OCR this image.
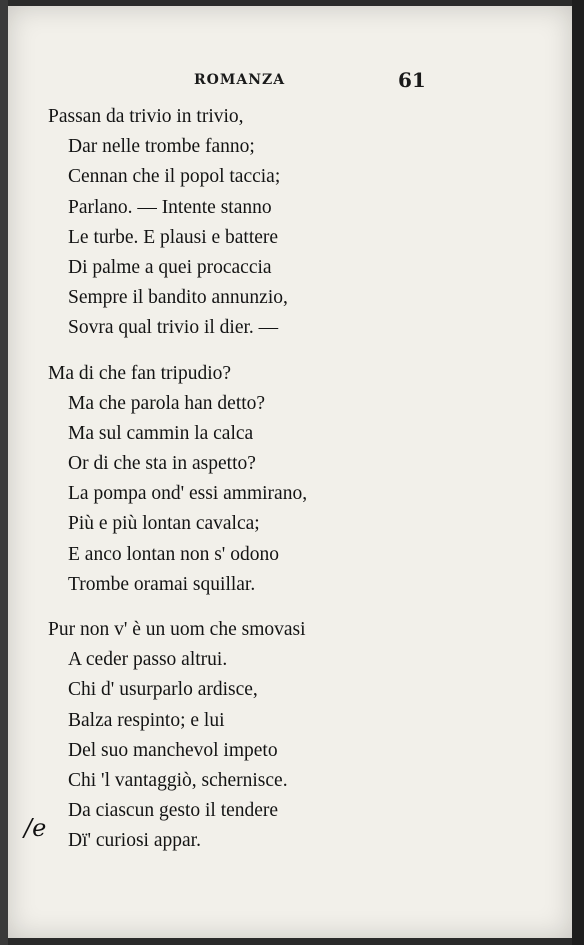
ROMANZA	61
Passan da trivio in trivio,
Dar nelle trombe fanno;
Cennan che il popol taccia;
Parlano. — Intente stanno
Le turbe. E plausi e battere
Di palme a quei procaccia
Sempre il bandito annunzio,
Sovra qual trivio il dier. —
Ma di che fan tripudio?
Ma che parola han detto?
Ma sul cammin la calca
Or di che sta in aspetto?
La pompa ond' essi ammirano,
Più e più lontan cavalca;
E anco lontan non s' odono
Trombe oramai squillar.
Pur non v' è un uom che smovasi
A ceder passo altrui.
Chi d' usurparlo ardisce,
Balza respinto; e lui
Del suo manchevol impeto
Chi 'l vantaggiò, schernisce.
Da ciascun gesto il tendere
Dï' curiosi appar.
/e
